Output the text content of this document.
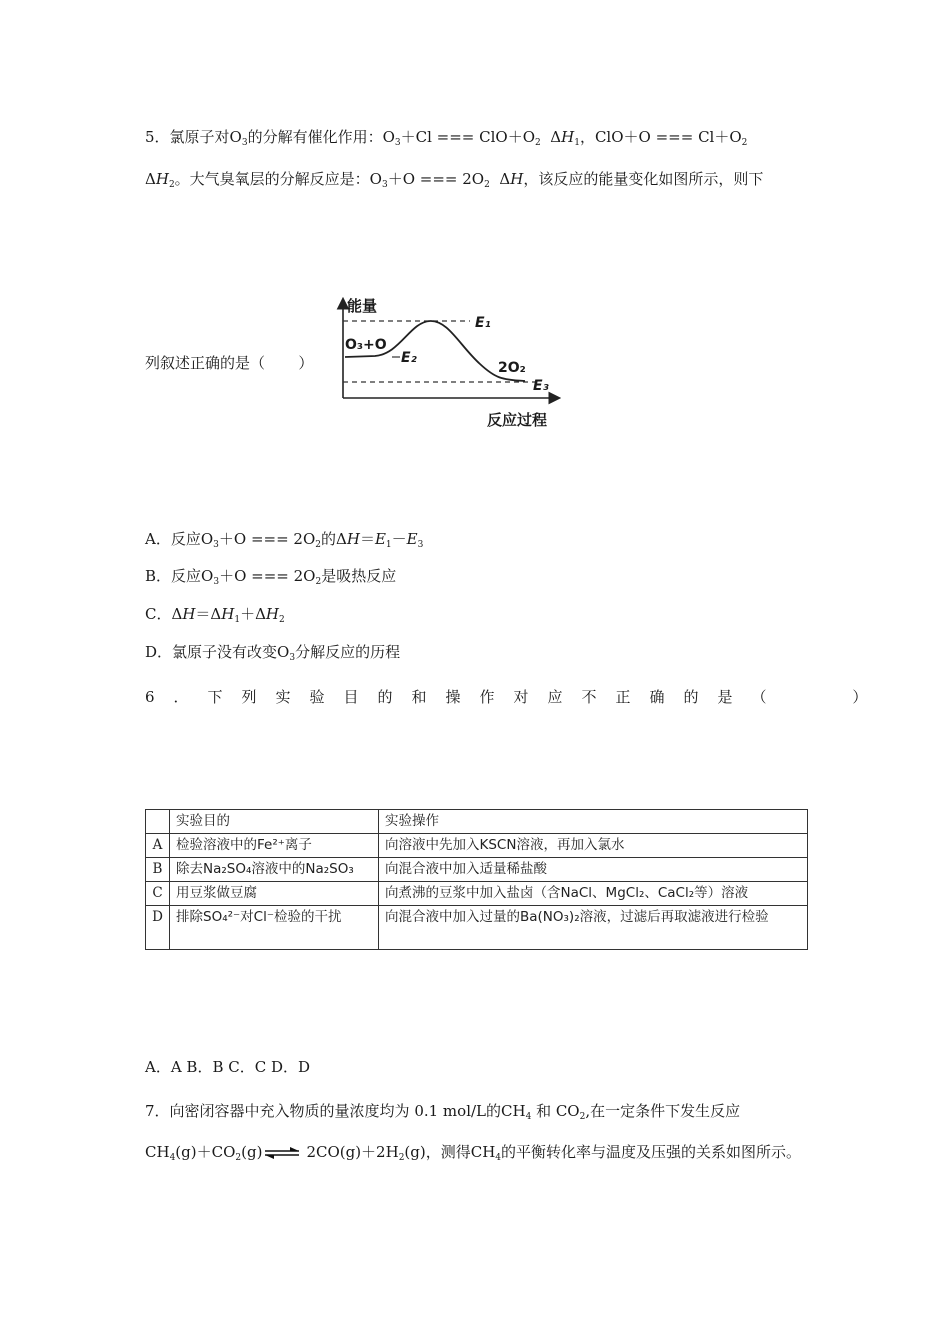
5．氯原子对$O_3$的分解有催化作用：$O_3+Cl$ === $ClO+O_2$  $\Delta H_1$，ClO＋O === $Cl+O_2$
$\Delta H_2$。大气臭氧层的分解反应是：$O_3+O$ === $2O_2$  ΔH，该反应的能量变化如图所示，则下
列叙述正确的是（       ）
能量
E₁
O₃+O
E₂
2O₂
E₃
反应过程
A．反应$O_3+O$ === $2O_2$的$\Delta H=E_1-E_3$
B．反应$O_3+O$ === $2O_2$是吸热反应
C．$\Delta H=\Delta H_1+\Delta H_2$
D．氯原子没有改变$O_3$分解反应的历程
6．下列实验目的和操作对应不正确的是（	）
	实验目的	实验操作
A	检验溶液中的Fe²⁺离子	向溶液中先加入KSCN溶液，再加入氯水
B	除去Na₂SO₄溶液中的Na₂SO₃	向混合液中加入适量稀盐酸
C	用豆浆做豆腐	向煮沸的豆浆中加入盐卤（含NaCl、MgCl₂、CaCl₂等）溶液
D	排除SO₄²⁻对Cl⁻检验的干扰	向混合液中加入过量的Ba(NO₃)₂溶液，过滤后再取滤液进行检验
A．A B．B C．C D．D
7．向密闭容器中充入物质的量浓度均为 0.1 mol/L的$CH_4$ 和 $CO_2$,在一定条件下发生反应
$CH_4(g)+CO_2(g)$ ⇌ $2CO(g)+2H_2(g)$，测得$CH_4$的平衡转化率与温度及压强的关系如图所示。
